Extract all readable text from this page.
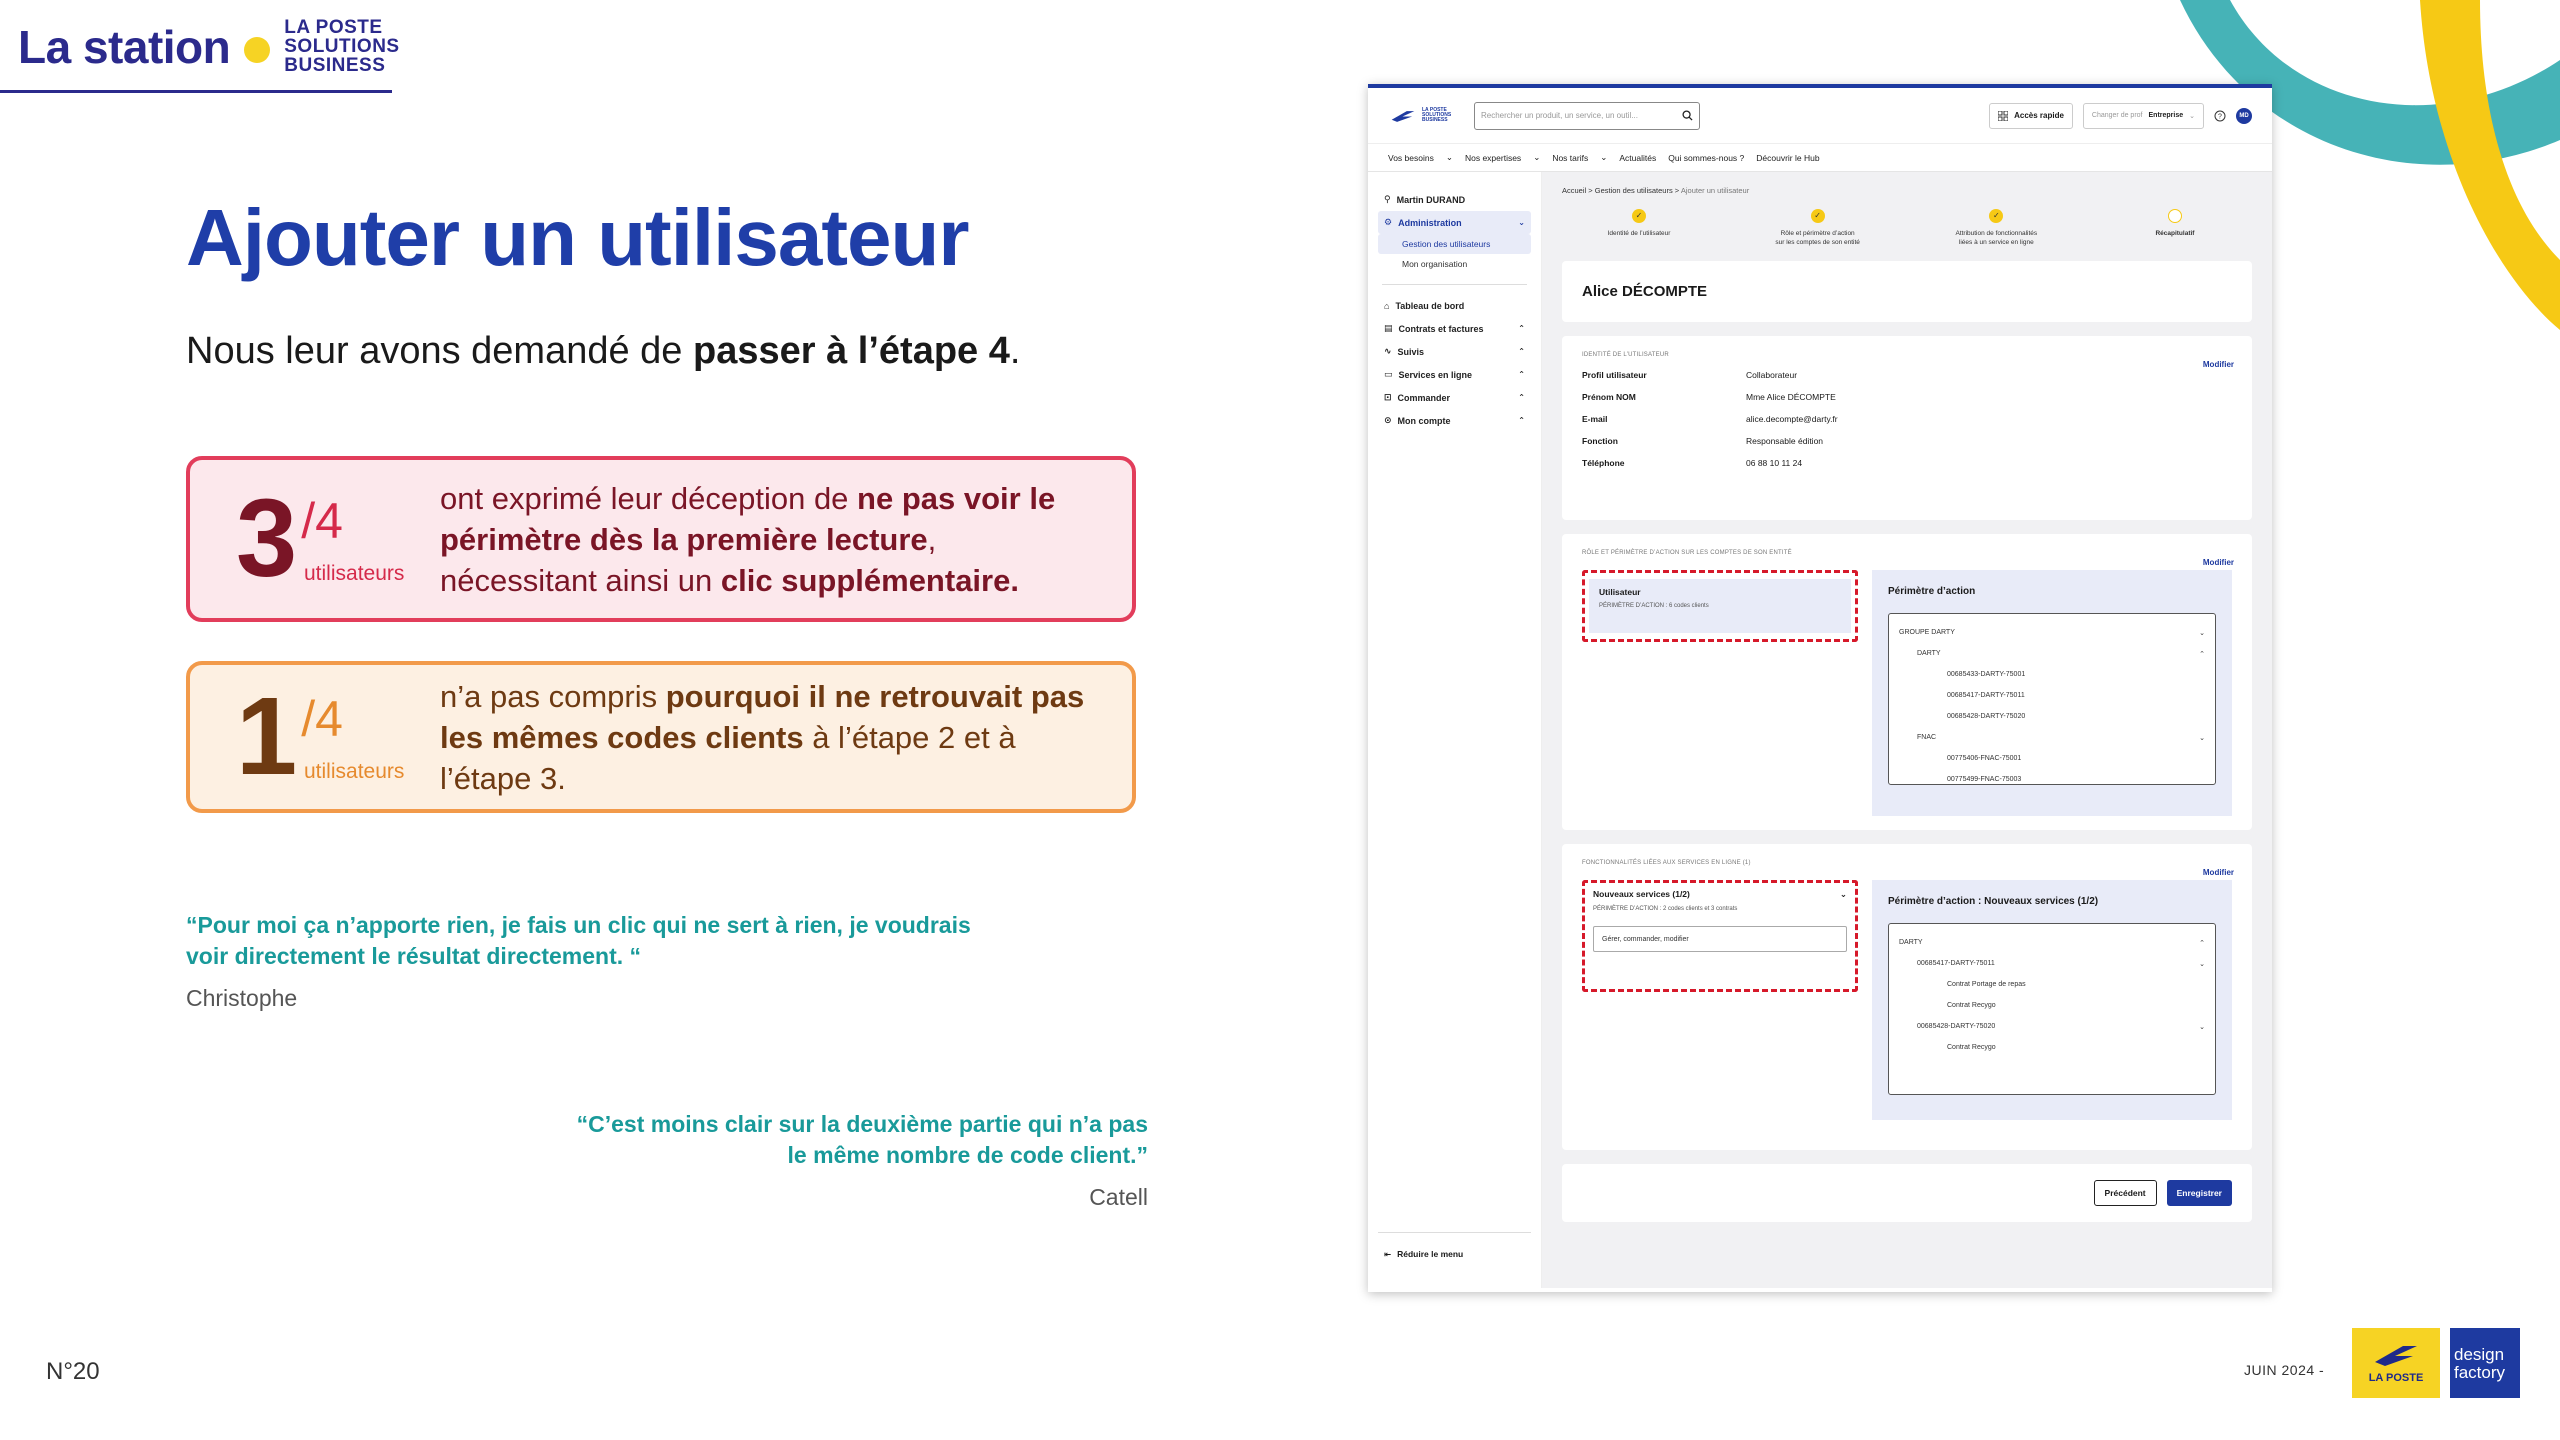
La station	LA POSTE
SOLUTIONS
BUSINESS
Ajouter un utilisateur

Nous leur avons demandé de passer à l’étape 4.

3 /4
utilisateurs

ont exprimé leur déception de ne pas voir le périmètre dès la première lecture, nécessitant ainsi un clic supplémentaire.

1 /4
utilisateurs

n’a pas compris pourquoi il ne retrouvait pas les mêmes codes clients à l’étape 2 et à l’étape 3.

“Pour moi ça n’apporte rien, je fais un clic qui ne sert à rien, je voudrais voir directement le résultat directement. “

Christophe

“C’est moins clair sur la deuxième partie qui n’a pas le même nombre de code client.”

Catell

N°20	JUIN 2024 -	LA POSTE
design factory
LA POSTE
SOLUTIONS
BUSINESS	Rechercher un produit, un service, un outil...	Accès rapide	Changer de prof Entreprise ⌄	?	MD
Vos besoins ⌄ Nos expertises ⌄ Nos tarifs ⌄ Actualités Qui sommes-nous ? Découvrir le Hub
⚲ Martin DURAND
⚙ Administration	⌄
Gestion des utilisateurs
Mon organisation
⌂ Tableau de bord
▤ Contrats et factures	⌃
∿ Suivis	⌃
▭ Services en ligne	⌃
⊡ Commander	⌃
⊙ Mon compte	⌃
⇤ Réduire le menu
Accueil > Gestion des utilisateurs > Ajouter un utilisateur
✓
Identité de l’utilisateur
✓
Rôle et périmètre d’action
sur les comptes de son entité
✓
Attribution de fonctionnalités
liées à un service en ligne
Récapitulatif
Alice DÉCOMPTE
IDENTITÉ DE L’UTILISATEUR
Modifier
Profil utilisateur	Collaborateur
Prénom NOM	Mme Alice DÉCOMPTE
E-mail	alice.decompte@darty.fr
Fonction	Responsable édition
Téléphone	06 88 10 11 24
RÔLE ET PÉRIMÈTRE D’ACTION SUR LES COMPTES DE SON ENTITÉ
Modifier
Utilisateur
PÉRIMÈTRE D’ACTION : 6 codes clients
Périmètre d’action
GROUPE DARTY	⌄
DARTY	⌃
00685433-DARTY-75001
00685417-DARTY-75011
00685428-DARTY-75020
FNAC	⌄
00775406-FNAC-75001
00775499-FNAC-75003
FONCTIONNALITÉS LIÉES AUX SERVICES EN LIGNE (1)
Modifier
Nouveaux services (1/2)	⌄
PÉRIMÈTRE D’ACTION : 2 codes clients et 3 contrats
Gérer, commander, modifier
Périmètre d’action : Nouveaux services (1/2)
DARTY	⌃
00685417-DARTY-75011	⌄
Contrat Portage de repas
Contrat Recygo
00685428-DARTY-75020	⌄
Contrat Recygo
Précédent	Enregistrer
